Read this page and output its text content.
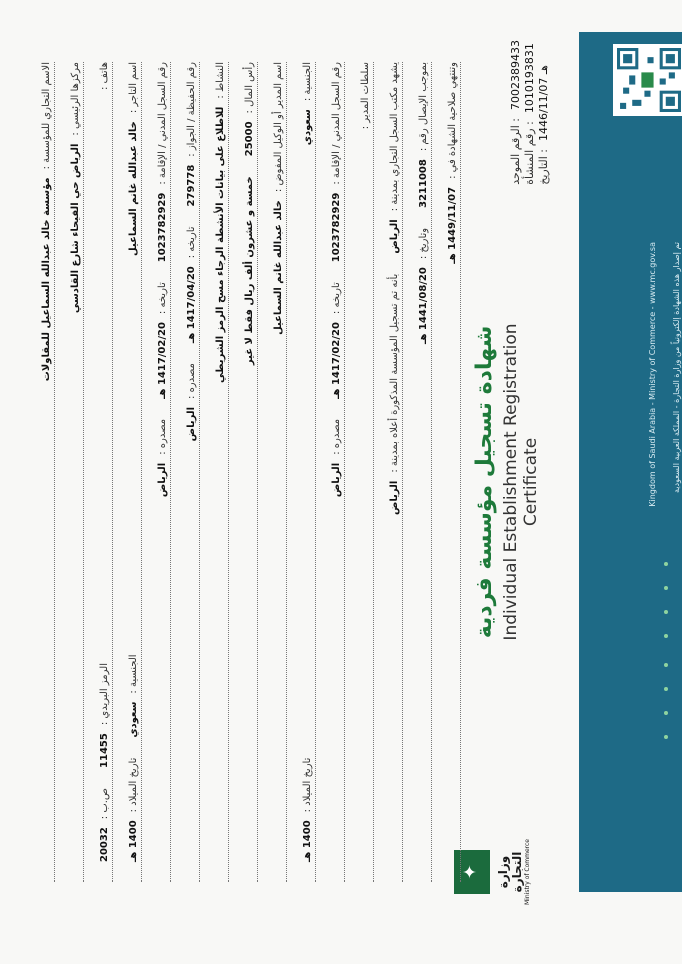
تم إصدار هذه الشهادة إلكترونياً من وزارة التجارة - المملكة العربية السعودية
Kingdom of Saudi Arabia - Ministry of Commerce - www.mc.gov.sa
الرقم الموحد :
7002389433
رقم المنشأة :
1010193831
التاريخ :
1446/11/07 هـ
شهادة تسجيل مؤسسة فردية Individual Establishment Registration Certificate
✦ وزارة التجارة Ministry of Commerce
الاسم التجاري للمؤسسة :
مؤسسة خالد عبدالله السماعيل للمقاولات
مركزها الرئيسي :
الرياض حي الفيحاء شارع القادسي
هاتف :
الرمز البريدي :
11455
ص.ب :
20032
اسم التاجر :
خالد عبدالله غانم السماعيل
الجنسية :
سعودي
تاريخ الميلاد :
1400 هـ
رقم السجل المدني / الإقامة :
1023782929
تاريخه :
1417/02/20 هـ
مصدره :
الرياض
رقم الحفيظة / الجواز :
279778
تاريخه :
1417/04/20 هـ
مصدره :
الرياض
النشاط :
للاطلاع على بيانات الأنشطة الرجاء مسح الرمز الشريطي
رأس المال :
25000
خمسة و عشرون ألف ريال فقط لا غير
اسم المدير أو الوكيل المفوض :
خالد عبدالله غانم السماعيل
الجنسية :
سعودي
تاريخ الميلاد :
1400 هـ
رقم السجل المدني / الإقامة :
1023782929
تاريخه :
1417/02/20 هـ
مصدره :
الرياض
سلطات المدير : يشهد مكتب السجل التجاري بمدينة :
الرياض
بأنه تم تسجيل المؤسسة المذكورة أعلاه بمدينة :
الرياض
بموجب الإيصال رقم :
3211008
وتاريخ :
1441/08/20 هـ
وتنتهي صلاحية الشهادة في :
1449/11/07 هـ
